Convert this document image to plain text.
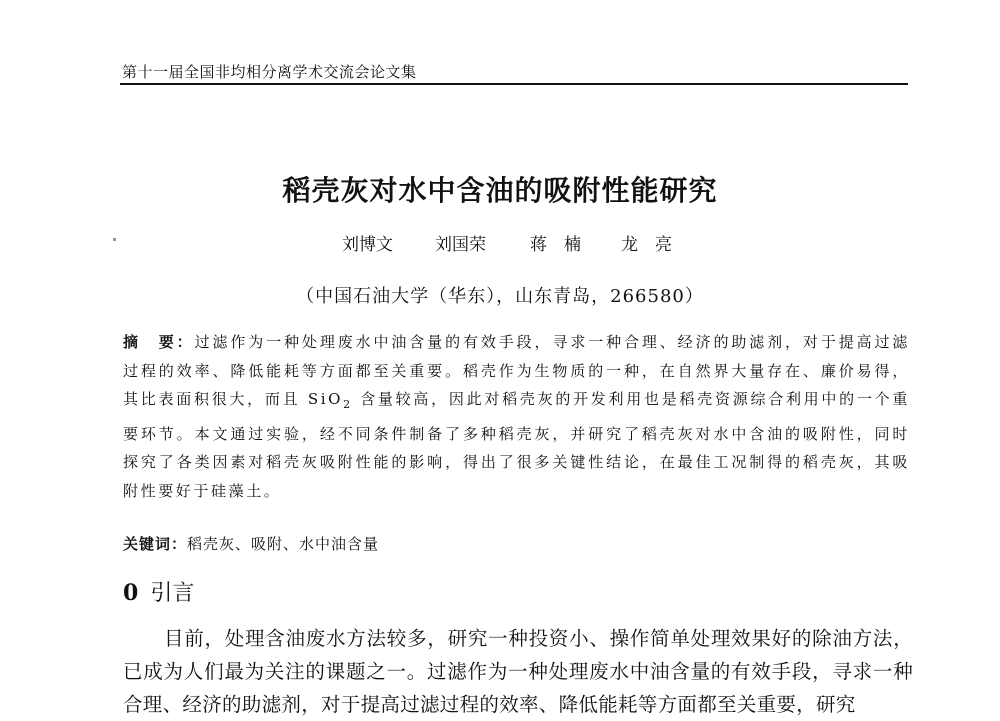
第十一届全国非均相分离学术交流会论文集
稻壳灰对水中含油的吸附性能研究
刘博文 刘国荣	蒋　楠 龙　亮
（中国石油大学（华东），山东青岛，266580）
摘　要：过滤作为一种处理废水中油含量的有效手段，寻求一种合理、经济的助滤剂，对于提高过滤过程的效率、降低能耗等方面都至关重要。稻壳作为生物质的一种，在自然界大量存在、廉价易得，其比表面积很大，而且 SiO$_2$ 含量较高，因此对稻壳灰的开发利用也是稻壳资源综合利用中的一个重要环节。本文通过实验，经不同条件制备了多种稻壳灰，并研究了稻壳灰对水中含油的吸附性，同时探究了各类因素对稻壳灰吸附性能的影响，得出了很多关键性结论，在最佳工况制得的稻壳灰，其吸附性要好于硅藻土。
关键词：稻壳灰、吸附、水中油含量
0 引言
目前，处理含油废水方法较多，研究一种投资小、操作简单处理效果好的除油方法，已成为人们最为关注的课题之一。过滤作为一种处理废水中油含量的有效手段，寻求一种合理、经济的助滤剂，对于提高过滤过程的效率、降低能耗等方面都至关重要，研究
